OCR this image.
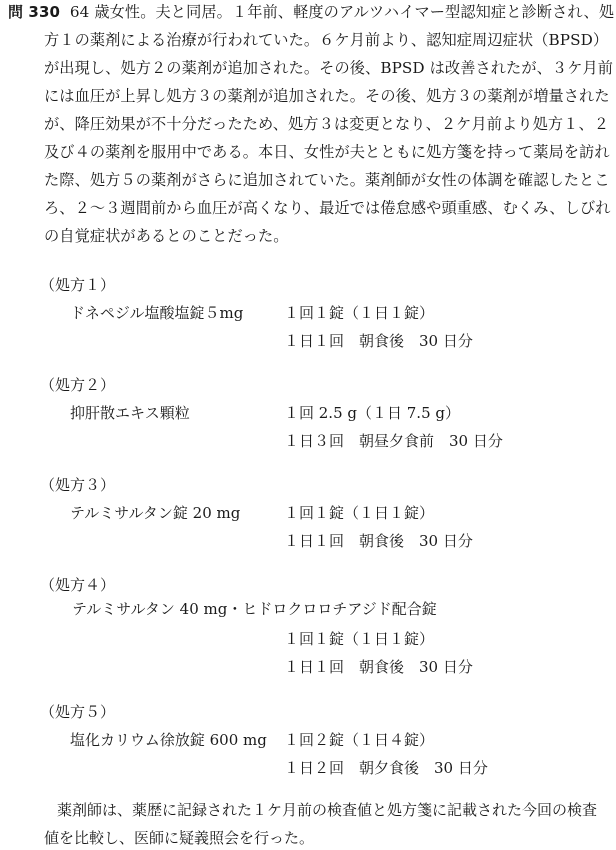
問 330 64 歳女性。夫と同居。１年前、軽度のアルツハイマー型認知症と診断され、処
方１の薬剤による治療が行われていた。６ケ月前より、認知症周辺症状（BPSD）
が出現し、処方２の薬剤が追加された。その後、BPSD は改善されたが、３ケ月前
には血圧が上昇し処方３の薬剤が追加された。その後、処方３の薬剤が増量された
が、降圧効果が不十分だったため、処方３は変更となり、２ケ月前より処方１、２
及び４の薬剤を服用中である。本日、女性が夫とともに処方箋を持って薬局を訪れ
た際、処方５の薬剤がさらに追加されていた。薬剤師が女性の体調を確認したとこ
ろ、２～３週間前から血圧が高くなり、最近では倦怠感や頭重感、むくみ、しびれ
の自覚症状があるとのことだった。
（処方１）
ドネペジル塩酸塩錠５mg	１回１錠（１日１錠）
１日１回　朝食後　30 日分
（処方２）
抑肝散エキス顆粒	１回 2.5 g（１日 7.5 g）
１日３回　朝昼夕食前　30 日分
（処方３）
テルミサルタン錠 20 mg	１回１錠（１日１錠）
１日１回　朝食後　30 日分
（処方４）
テルミサルタン 40 mg・ヒドロクロロチアジド配合錠
１回１錠（１日１錠）
１日１回　朝食後　30 日分
（処方５）
塩化カリウム徐放錠 600 mg １回２錠（１日４錠）
１日２回　朝夕食後　30 日分
薬剤師は、薬歴に記録された１ケ月前の検査値と処方箋に記載された今回の検査
値を比較し、医師に疑義照会を行った。
